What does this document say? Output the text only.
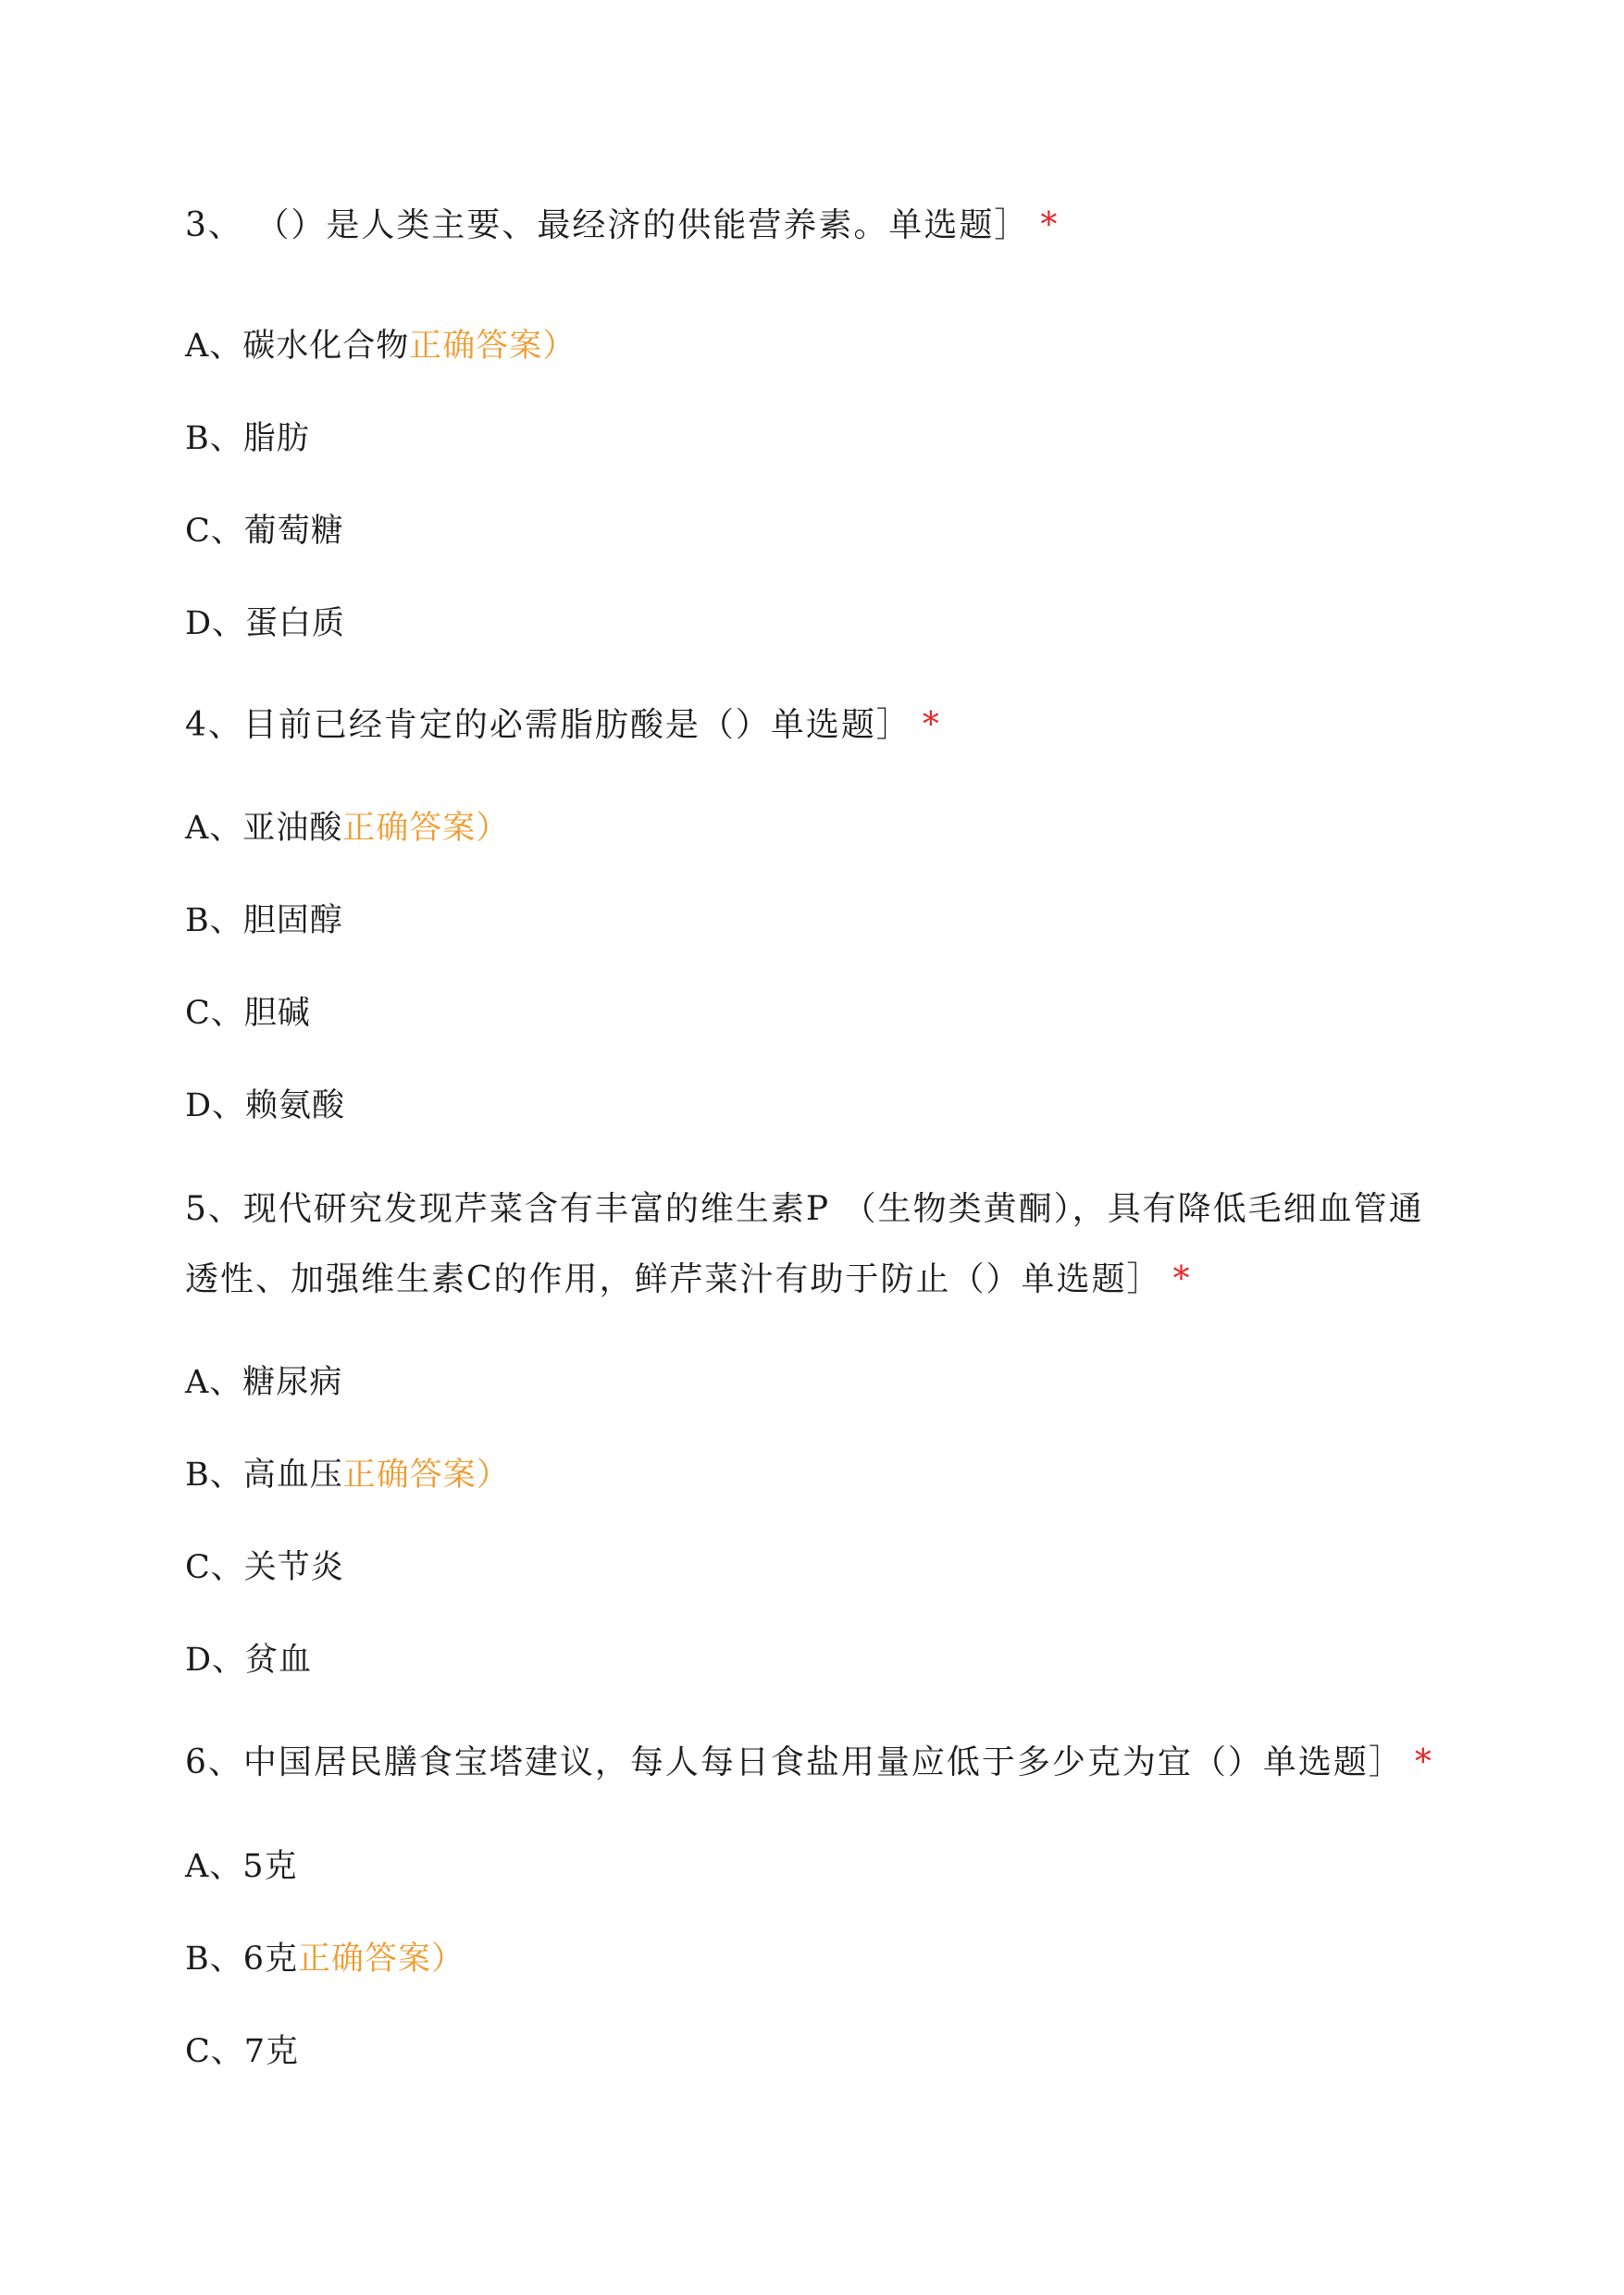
3、 （）是人类主要、最经济的供能营养素。单选题］ *
A、碳水化合物正确答案）
B、脂肪
C、葡萄糖
D、蛋白质
4、目前已经肯定的必需脂肪酸是（）单选题］ *
A、亚油酸正确答案）
B、胆固醇
C、胆碱
D、赖氨酸
5、现代研究发现芹菜含有丰富的维生素P （生物类黄酮），具有降低毛细血管通
透性、加强维生素C的作用，鲜芹菜汁有助于防止（）单选题］ *
A、糖尿病
B、高血压正确答案）
C、关节炎
D、贫血
6、中国居民膳食宝塔建议，每人每日食盐用量应低于多少克为宜（）单选题］ *
A、5克
B、6克正确答案）
C、7克
